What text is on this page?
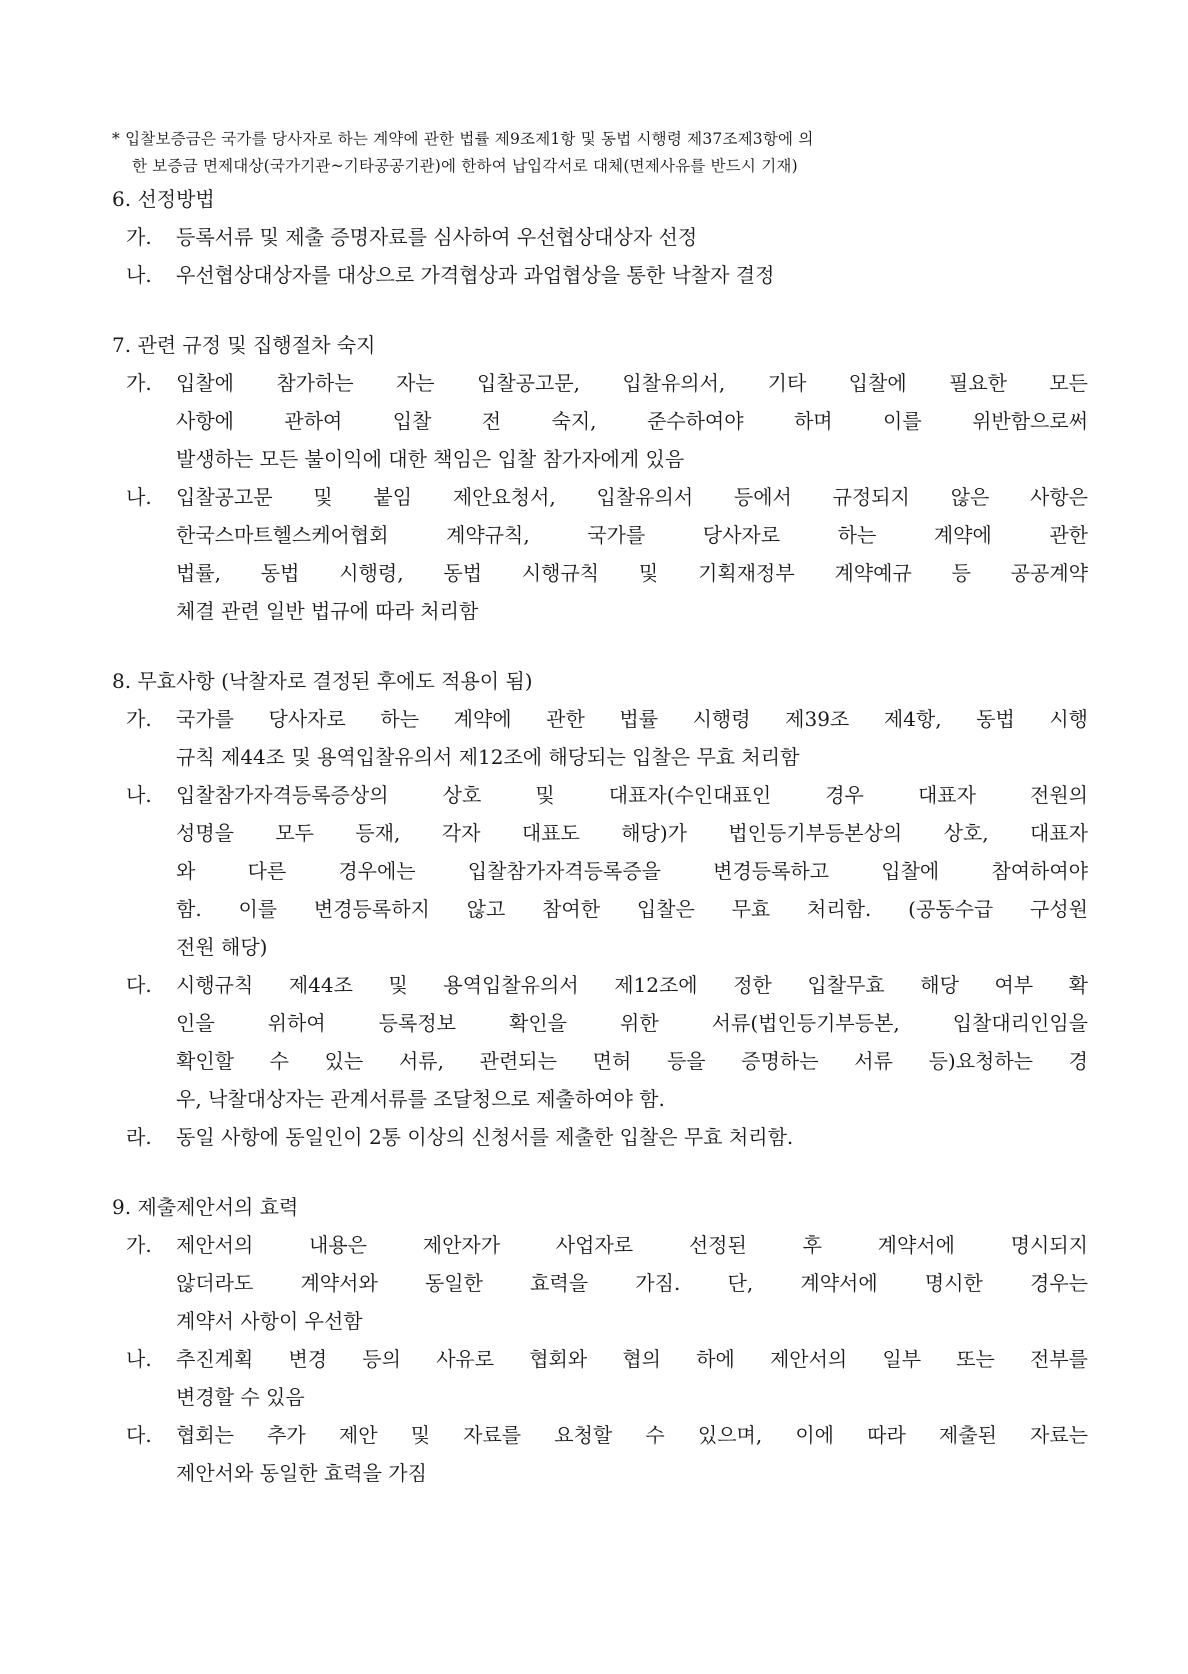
* 입찰보증금은 국가를 당사자로 하는 계약에 관한 법률 제9조제1항 및 동법 시행령 제37조제3항에 의
한 보증금 면제대상(국가기관~기타공공기관)에 한하여 납입각서로 대체(면제사유를 반드시 기재)
6. 선정방법
가.	등록서류 및 제출 증명자료를 심사하여 우선협상대상자 선정
나.	우선협상대상자를 대상으로 가격협상과 과업협상을 통한 낙찰자 결정
7. 관련 규정 및 집행절차 숙지
가.	입찰에 참가하는 자는 입찰공고문, 입찰유의서, 기타 입찰에 필요한 모든
사항에 관하여 입찰 전 숙지, 준수하여야 하며 이를 위반함으로써
발생하는 모든 불이익에 대한 책임은 입찰 참가자에게 있음
나.	입찰공고문 및 붙임 제안요청서, 입찰유의서 등에서 규정되지 않은 사항은
한국스마트헬스케어협회 계약규칙, 국가를 당사자로 하는 계약에 관한
법률, 동법 시행령, 동법 시행규칙 및 기획재정부 계약예규 등 공공계약
체결 관련 일반 법규에 따라 처리함
8. 무효사항 (낙찰자로 결정된 후에도 적용이 됨)
가.	국가를 당사자로 하는 계약에 관한 법률 시행령 제39조 제4항, 동법 시행
규칙 제44조 및 용역입찰유의서 제12조에 해당되는 입찰은 무효 처리함
나.	입찰참가자격등록증상의 상호 및 대표자(수인대표인 경우 대표자 전원의
성명을 모두 등재, 각자 대표도 해당)가 법인등기부등본상의 상호, 대표자
와 다른 경우에는 입찰참가자격등록증을 변경등록하고 입찰에 참여하여야
함. 이를 변경등록하지 않고 참여한 입찰은 무효 처리함. (공동수급 구성원
전원 해당)
다.	시행규칙 제44조 및 용역입찰유의서 제12조에 정한 입찰무효 해당 여부 확
인을 위하여 등록정보 확인을 위한 서류(법인등기부등본, 입찰대리인임을
확인할 수 있는 서류, 관련되는 면허 등을 증명하는 서류 등)요청하는 경
우, 낙찰대상자는 관계서류를 조달청으로 제출하여야 함.
라.	동일 사항에 동일인이 2통 이상의 신청서를 제출한 입찰은 무효 처리함.
9. 제출제안서의 효력
가.	제안서의 내용은 제안자가 사업자로 선정된 후 계약서에 명시되지
않더라도 계약서와 동일한 효력을 가짐. 단, 계약서에 명시한 경우는
계약서 사항이 우선함
나.	추진계획 변경 등의 사유로 협회와 협의 하에 제안서의 일부 또는 전부를
변경할 수 있음
다.	협회는 추가 제안 및 자료를 요청할 수 있으며, 이에 따라 제출된 자료는
제안서와 동일한 효력을 가짐
